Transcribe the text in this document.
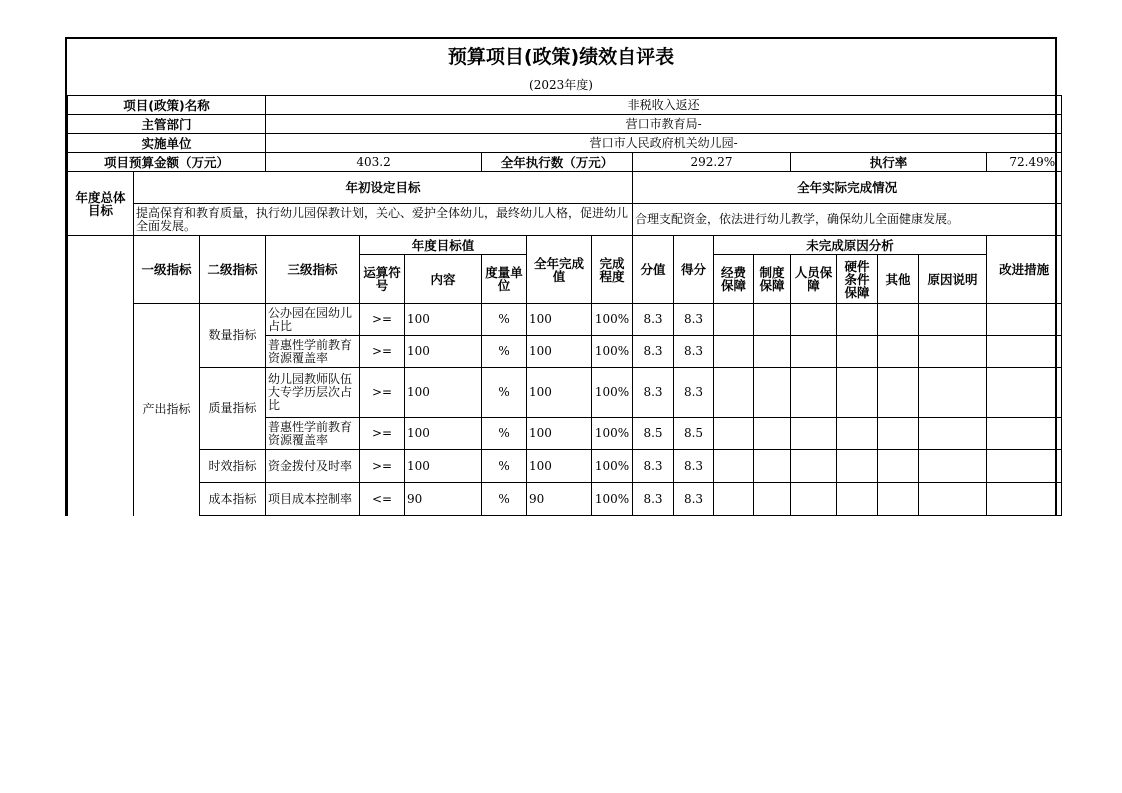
预算项目(政策)绩效自评表
(2023年度)
项目(政策)名称			非税收入返还														
主管部门			营口市教育局-														
实施单位			营口市人民政府机关幼儿园-														
项目预算金额（万元）			403.2			全年执行数（万元）			292.27				执行率				72.49%
年度总体目标	年初设定目标								全年实际完成情况								
	提高保育和教育质量，执行幼儿园保教计划，关心、爱护全体幼儿，最终幼儿人格，促进幼儿全面发展。								合理支配资金，依法进行幼儿教学，确保幼儿全面健康发展。								
	一级指标	二级指标	三级指标	年度目标值			全年完成值	完成程度	分值	得分	未完成原因分析						改进措施
				运算符号	内容	度量单位					经费保障	制度保障	人员保障	硬件条件保障	其他	原因说明	
	产出指标	数量指标	公办园在园幼儿占比	>=	100	%	100	100%	8.3	8.3							
			普惠性学前教育资源覆盖率	>=	100	%	100	100%	8.3	8.3							
		质量指标	幼儿园教师队伍大专学历层次占比	>=	100	%	100	100%	8.3	8.3							
			普惠性学前教育资源覆盖率	>=	100	%	100	100%	8.5	8.5							
		时效指标	资金拨付及时率	>=	100	%	100	100%	8.3	8.3							
		成本指标	项目成本控制率	<=	90	%	90	100%	8.3	8.3							
